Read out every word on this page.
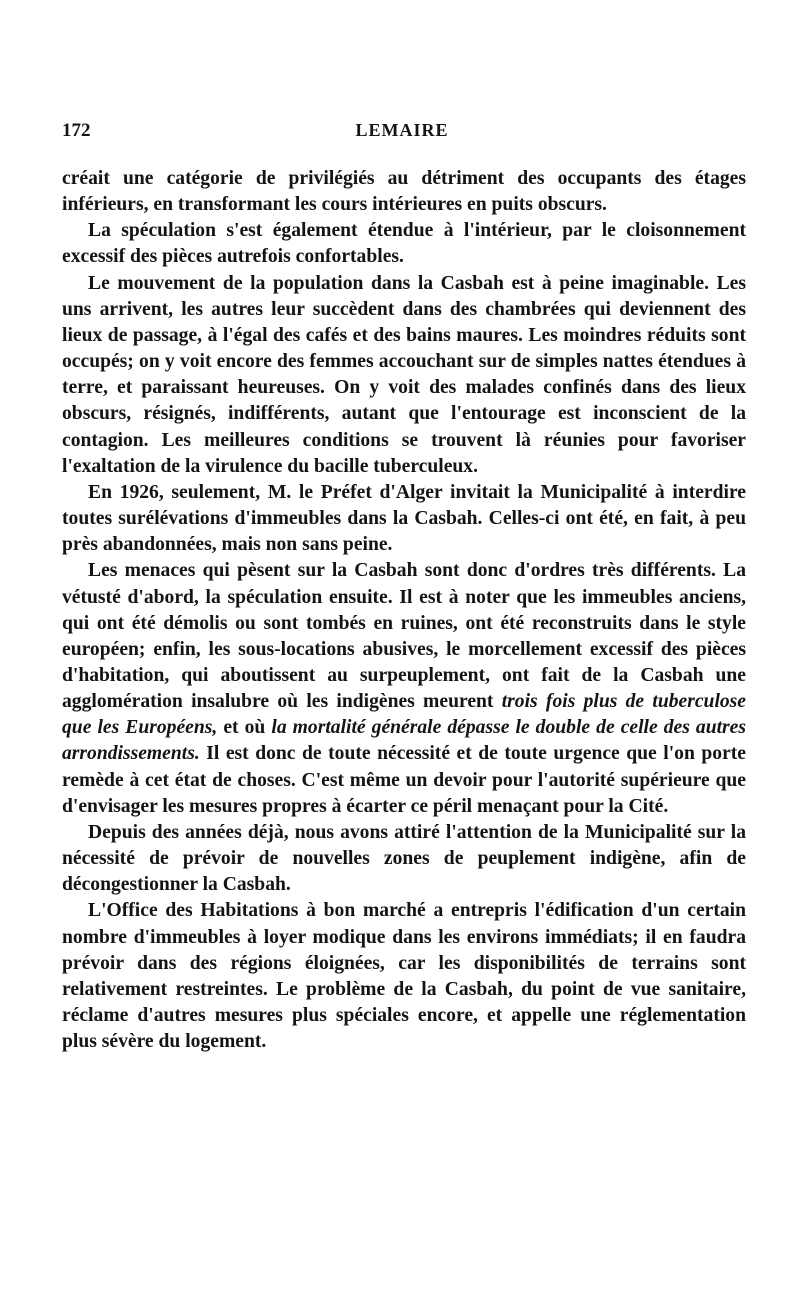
172	LEMAIRE

créait une catégorie de privilégiés au détriment des occupants des étages inférieurs, en transformant les cours intérieures en puits obscurs.

La spéculation s'est également étendue à l'intérieur, par le cloisonnement excessif des pièces autrefois confortables.

Le mouvement de la population dans la Casbah est à peine imaginable. Les uns arrivent, les autres leur succèdent dans des chambrées qui deviennent des lieux de passage, à l'égal des cafés et des bains maures. Les moindres réduits sont occupés; on y voit encore des femmes accouchant sur de simples nattes étendues à terre, et paraissant heureuses. On y voit des malades confinés dans des lieux obscurs, résignés, indifférents, autant que l'entourage est inconscient de la contagion. Les meilleures conditions se trouvent là réunies pour favoriser l'exaltation de la virulence du bacille tuberculeux.

En 1926, seulement, M. le Préfet d'Alger invitait la Municipalité à interdire toutes surélévations d'immeubles dans la Casbah. Celles-ci ont été, en fait, à peu près abandonnées, mais non sans peine.

Les menaces qui pèsent sur la Casbah sont donc d'ordres très différents. La vétusté d'abord, la spéculation ensuite. Il est à noter que les immeubles anciens, qui ont été démolis ou sont tombés en ruines, ont été reconstruits dans le style européen; enfin, les sous-locations abusives, le morcellement excessif des pièces d'habitation, qui aboutissent au surpeuplement, ont fait de la Casbah une agglomération insalubre où les indigènes meurent trois fois plus de tuberculose que les Européens, et où la mortalité générale dépasse le double de celle des autres arrondissements. Il est donc de toute nécessité et de toute urgence que l'on porte remède à cet état de choses. C'est même un devoir pour l'autorité supérieure que d'envisager les mesures propres à écarter ce péril menaçant pour la Cité.

Depuis des années déjà, nous avons attiré l'attention de la Municipalité sur la nécessité de prévoir de nouvelles zones de peuplement indigène, afin de décongestionner la Casbah.

L'Office des Habitations à bon marché a entrepris l'édification d'un certain nombre d'immeubles à loyer modique dans les environs immédiats; il en faudra prévoir dans des régions éloignées, car les disponibilités de terrains sont relativement restreintes. Le problème de la Casbah, du point de vue sanitaire, réclame d'autres mesures plus spéciales encore, et appelle une réglementation plus sévère du logement.
